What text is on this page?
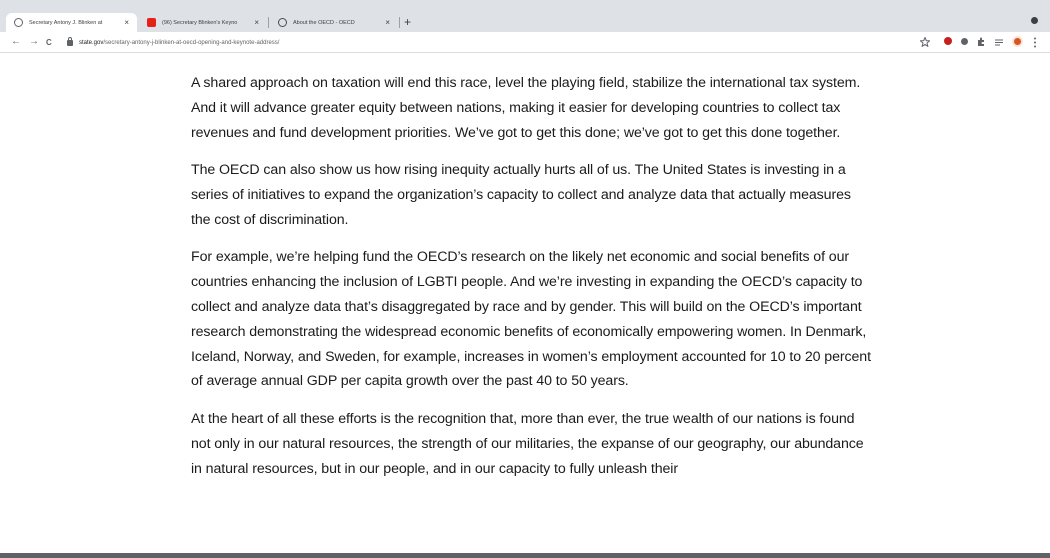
Secretary Antony J. Blinken at	×	(96) Secretary Blinken's Keyno	×	About the OECD - OECD	× +
← → C	state.gov /secretary-antony-j-blinken-at-oecd-opening-and-keynote-address/

A shared approach on taxation will end this race, level the playing field, stabilize the international tax system. And it will advance greater equity between nations, making it easier for developing countries to collect tax revenues and fund development priorities. We’ve got to get this done; we’ve got to get this done together.

The OECD can also show us how rising inequity actually hurts all of us. The United States is investing in a series of initiatives to expand the organization’s capacity to collect and analyze data that actually measures the cost of discrimination.

For example, we’re helping fund the OECD’s research on the likely net economic and social benefits of our countries enhancing the inclusion of LGBTI people. And we’re investing in expanding the OECD’s capacity to collect and analyze data that’s disaggregated by race and by gender. This will build on the OECD’s important research demonstrating the widespread economic benefits of economically empowering women. In Denmark, Iceland, Norway, and Sweden, for example, increases in women’s employment accounted for 10 to 20 percent of average annual GDP per capita growth over the past 40 to 50 years.

At the heart of all these efforts is the recognition that, more than ever, the true wealth of our nations is found not only in our natural resources, the strength of our militaries, the expanse of our geography, our abundance in natural resources, but in our people, and in our capacity to fully unleash their
